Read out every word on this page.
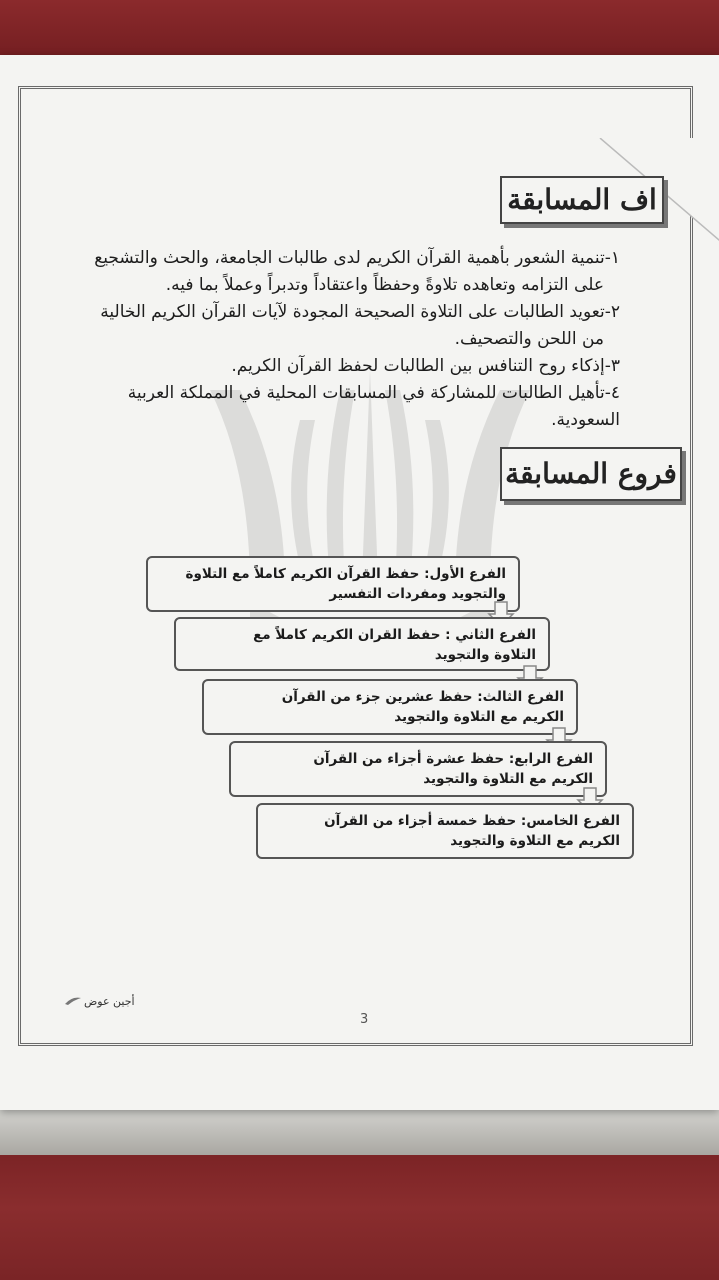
اف المسابقة

١-تنمية الشعور بأهمية القرآن الكريم لدى طالبات الجامعة، والحث والتشجيع

على التزامه وتعاهده تلاوةً وحفظاً واعتقاداً وتدبراً وعملاً بما فيه.

٢-تعويد الطالبات على التلاوة الصحيحة المجودة لآيات القرآن الكريم الخالية

من اللحن والتصحيف.

٣-إذكاء روح التنافس بين الطالبات لحفظ القرآن الكريم.

٤-تأهيل الطالبات للمشاركة في المسابقات المحلية في المملكة العربية السعودية.

فروع المسابقة
الفرع الأول: حفظ القرآن الكريم كاملاً مع التلاوة
والتجويد ومفردات التفسير
الفرع الثاني : حفظ القران الكريم كاملاً مع
التلاوة والتجويد
الفرع الثالث: حفظ عشرين جزء من القرآن
الكريم مع التلاوة والتجويد
الفرع الرابع: حفظ عشرة أجزاء من القرآن
الكريم مع التلاوة والتجويد
الفرع الخامس: حفظ خمسة أجزاء من القرآن
الكريم مع التلاوة والتجويد
أجين عوض
3
